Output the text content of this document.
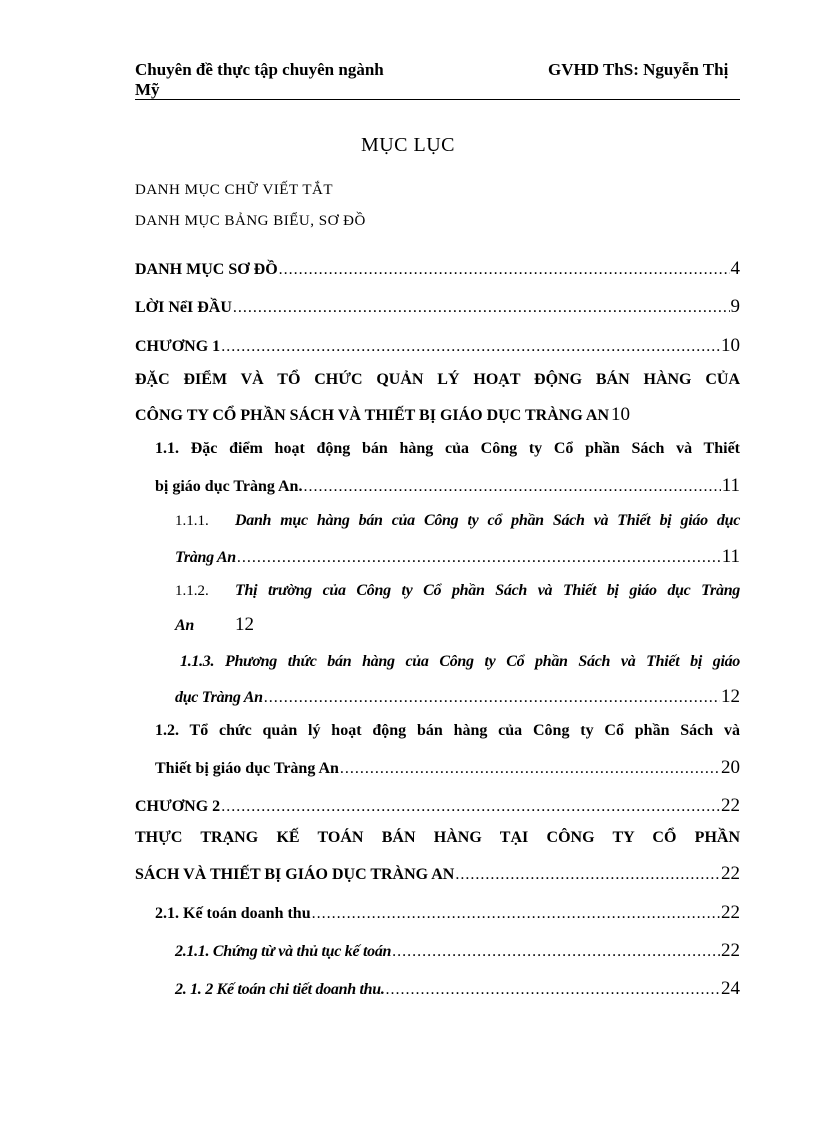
Chuyên đề thực tập chuyên ngành	GVHD ThS: Nguyễn Thị
Mỹ
MỤC LỤC
DANH MỤC CHỮ VIẾT TẮT
DANH MỤC BẢNG BIỂU, SƠ ĐỒ
DANH MỤC SƠ ĐỒ .....	4
LỜI NểI ĐẦU .....	9
CHƯƠNG 1 .....	10
ĐẶC ĐIỂM VÀ TỔ CHỨC QUẢN LÝ HOẠT ĐỘNG BÁN HÀNG CỦA
CÔNG TY CỔ PHẦN SÁCH VÀ THIẾT BỊ GIÁO DỤC TRÀNG AN 10
1.1. Đặc điểm hoạt động bán hàng của Công ty Cổ phần Sách và Thiết
bị giáo dục Tràng An. .....	11
1.1.1. Danh mục hàng bán của Công ty cổ phần Sách và Thiết bị giáo dục
Tràng An .....	11
1.1.2. Thị trường của Công ty Cổ phần Sách và Thiết bị giáo dục Tràng
An 12
1.1.3. Phương thức bán hàng của Công ty Cổ phần Sách và Thiết bị giáo
dục Tràng An .....	12
1.2. Tổ chức quản lý hoạt động bán hàng của Công ty Cổ phần Sách và
Thiết bị giáo dục Tràng An .....	20
CHƯƠNG 2 .....	22
THỰC TRẠNG KẾ TOÁN BÁN HÀNG TẠI CÔNG TY CỔ PHẦN
SÁCH VÀ THIẾT BỊ GIÁO DỤC TRÀNG AN .....	22
2.1. Kế toán doanh thu .....	22
2.1.1. Chứng từ và thủ tục kế toán .....	22
2. 1. 2 Kế toán chi tiết doanh thu. .....	24
